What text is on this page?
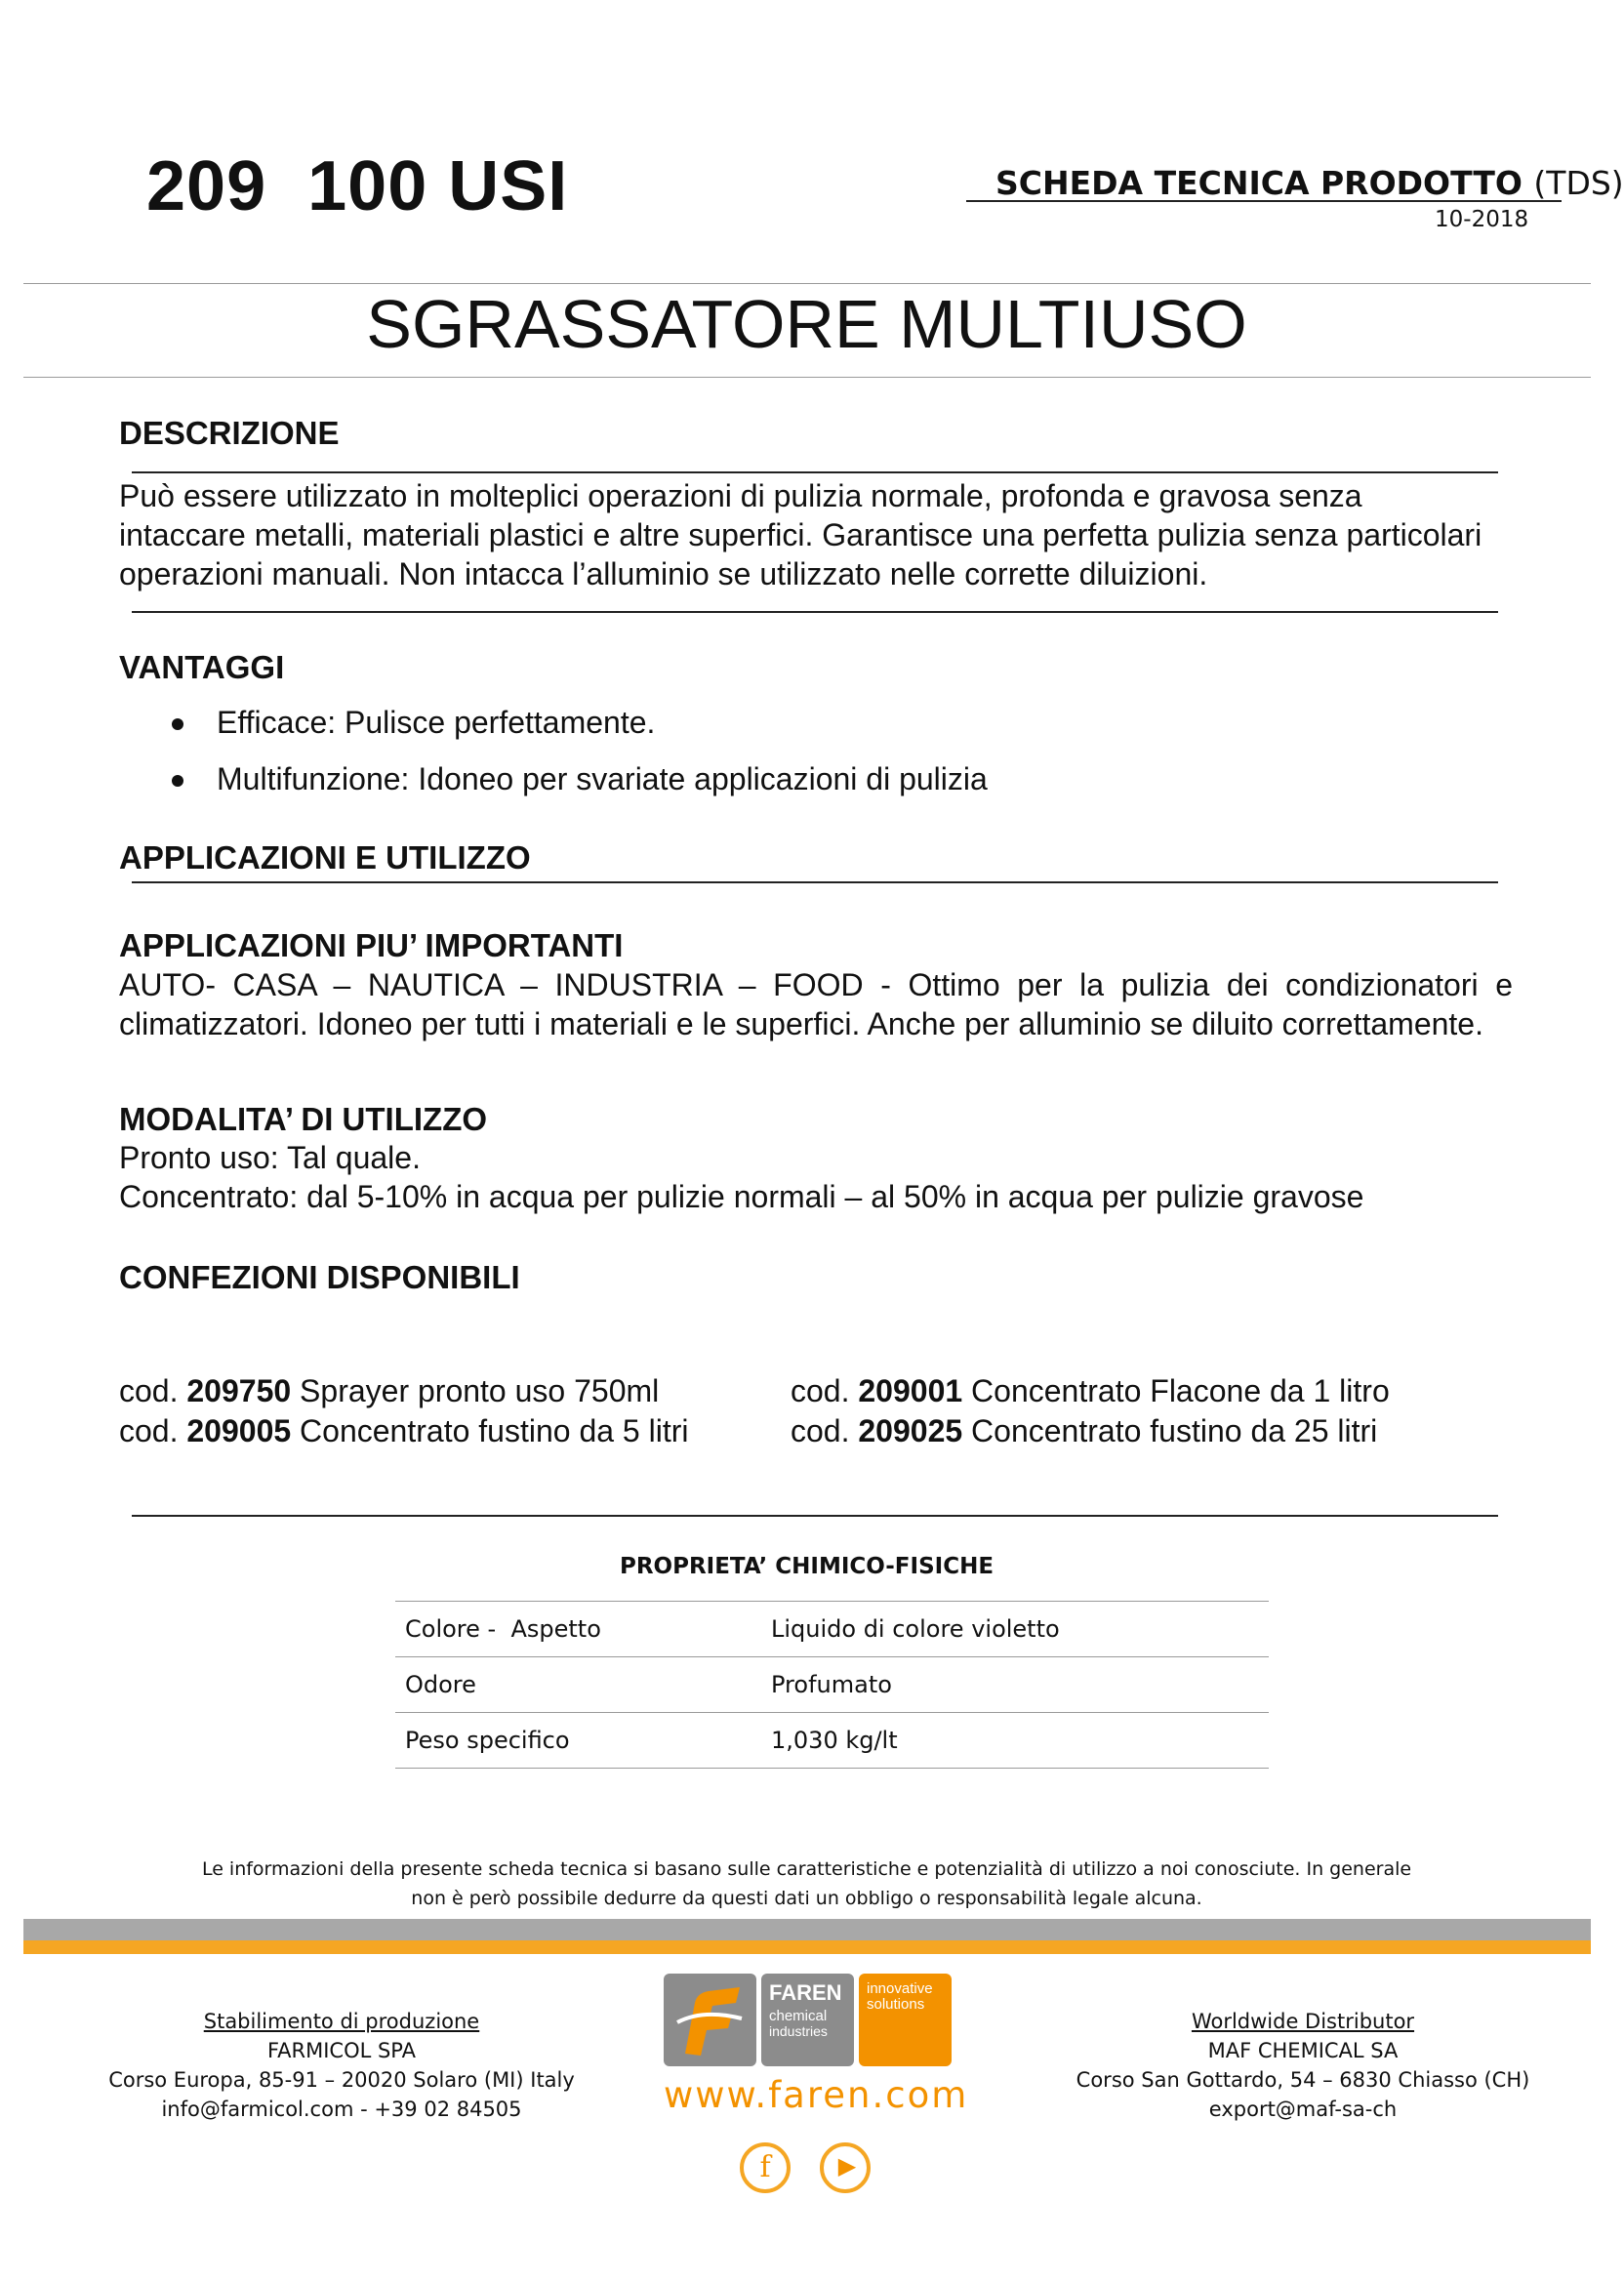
209  100 USI	SCHEDA TECNICA PRODOTTO (TDS)
10-2018
SGRASSATORE MULTIUSO
DESCRIZIONE
Può essere utilizzato in molteplici operazioni di pulizia normale, profonda e gravosa senza intaccare metalli, materiali plastici e altre superfici. Garantisce una perfetta pulizia senza particolari operazioni manuali. Non intacca l’alluminio se utilizzato nelle corrette diluizioni.
VANTAGGI
Efficace: Pulisce perfettamente.
Multifunzione: Idoneo per svariate applicazioni di pulizia
APPLICAZIONI E UTILIZZO
APPLICAZIONI PIU’ IMPORTANTI
AUTO- CASA – NAUTICA – INDUSTRIA – FOOD - Ottimo per la pulizia dei condizionatori e climatizzatori. Idoneo per tutti i materiali e le superfici. Anche per alluminio se diluito correttamente.
MODALITA’ DI UTILIZZO
Pronto uso: Tal quale.
Concentrato: dal 5-10% in acqua per pulizie normali – al 50% in acqua per pulizie gravose
CONFEZIONI DISPONIBILI
cod. 209750 Sprayer pronto uso 750ml	cod. 209001 Concentrato Flacone da 1 litro
cod. 209005 Concentrato fustino da 5 litri	cod. 209025 Concentrato fustino da 25 litri
PROPRIETA’ CHIMICO-FISICHE
Colore -  Aspetto	Liquido di colore violetto
Odore	Profumato
Peso specifico	1,030 kg/lt
Le informazioni della presente scheda tecnica si basano sulle caratteristiche e potenzialità di utilizzo a noi conosciute. In generale
non è però possibile dedurre da questi dati un obbligo o responsabilità legale alcuna.
Stabilimento di produzione
FARMICOL SPA
Corso Europa, 85-91 – 20020 Solaro (MI) Italy
info@farmicol.com - +39 02 84505
FAREN
chemical
industries
innovative
solutions
www.faren.com
f	▶
Worldwide Distributor
MAF CHEMICAL SA
Corso San Gottardo, 54 – 6830 Chiasso (CH)
export@maf-sa-ch
